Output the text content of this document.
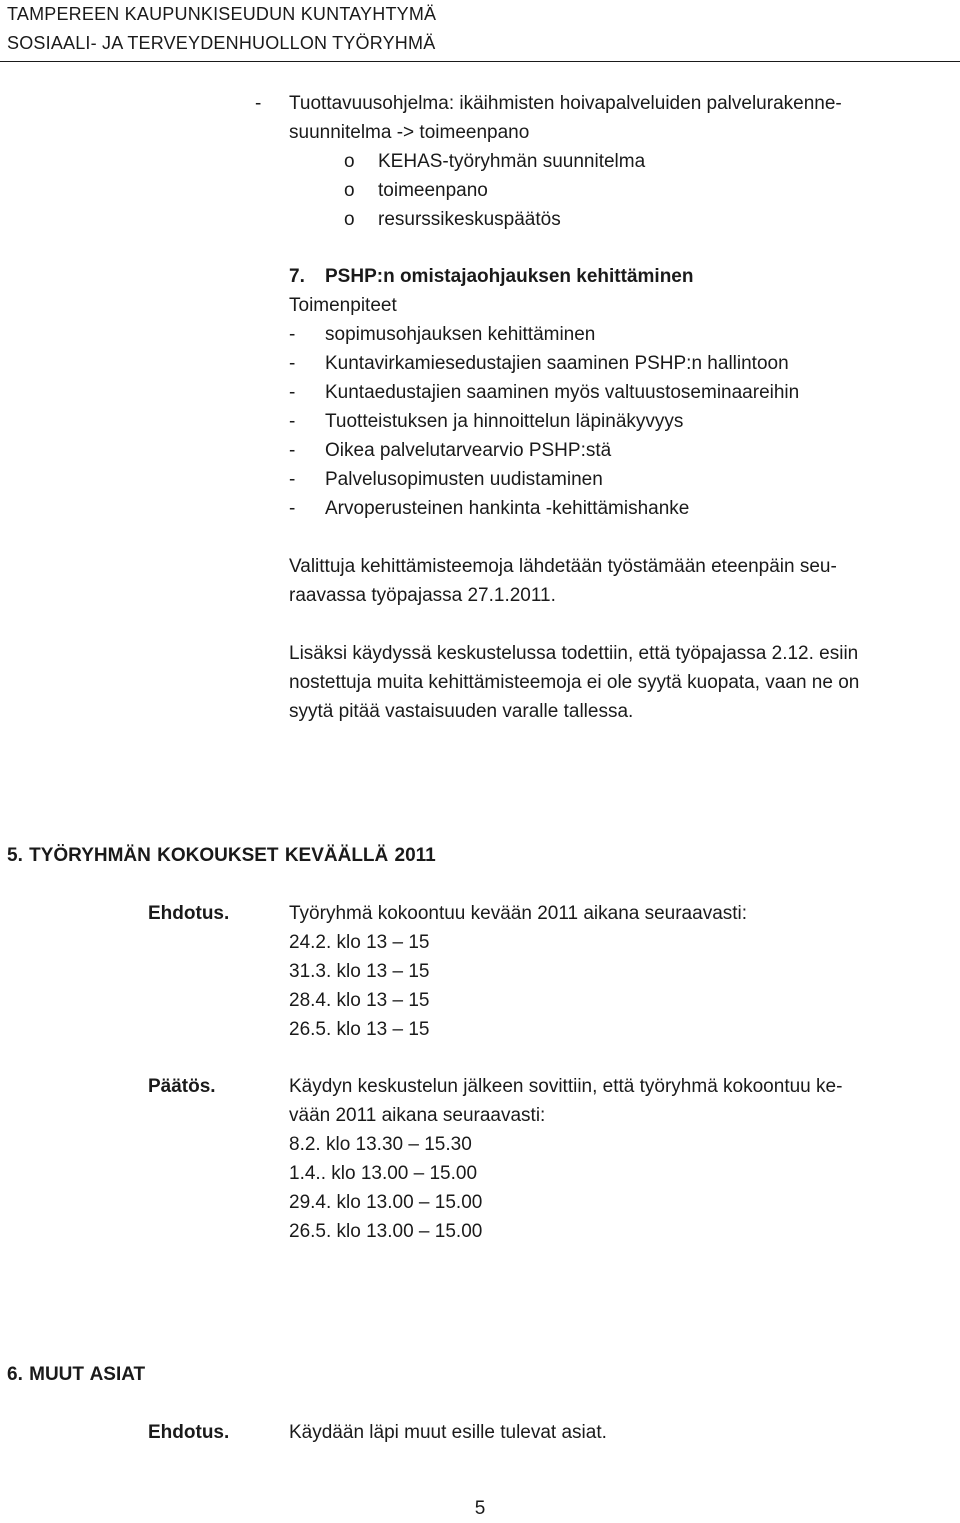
TAMPEREEN KAUPUNKISEUDUN KUNTAYHTYMÄ
SOSIAALI- JA TERVEYDENHUOLLON TYÖRYHMÄ
- Tuottavuusohjelma: ikäihmisten hoivapalveluiden palvelurakenne-
suunnitelma -> toimeenpano
o KEHAS-työryhmän suunnitelma
o toimeenpano
o resurssikeskuspäätös
7. PSHP:n omistajaohjauksen kehittäminen
Toimenpiteet
- sopimusohjauksen kehittäminen
- Kuntavirkamiesedustajien saaminen PSHP:n hallintoon
- Kuntaedustajien saaminen myös valtuustoseminaareihin
- Tuotteistuksen ja hinnoittelun läpinäkyvyys
- Oikea palvelutarvearvio PSHP:stä
- Palvelusopimusten uudistaminen
- Arvoperusteinen hankinta -kehittämishanke
Valittuja kehittämisteemoja lähdetään työstämään eteenpäin seu-
raavassa työpajassa 27.1.2011.
Lisäksi käydyssä keskustelussa todettiin, että työpajassa 2.12. esiin
nostettuja muita kehittämisteemoja ei ole syytä kuopata, vaan ne on
syytä pitää vastaisuuden varalle tallessa.
5. TYÖRYHMÄN KOKOUKSET KEVÄÄLLÄ 2011
Ehdotus.	Työryhmä kokoontuu kevään 2011 aikana seuraavasti:
24.2. klo 13 – 15
31.3. klo 13 – 15
28.4. klo 13 – 15
26.5. klo 13 – 15
Päätös.	Käydyn keskustelun jälkeen sovittiin, että työryhmä kokoontuu ke-
vään 2011 aikana seuraavasti:
8.2. klo 13.30 – 15.30
1.4.. klo 13.00 – 15.00
29.4. klo 13.00 – 15.00
26.5. klo 13.00 – 15.00
6. MUUT ASIAT
Ehdotus.	Käydään läpi muut esille tulevat asiat.
5
